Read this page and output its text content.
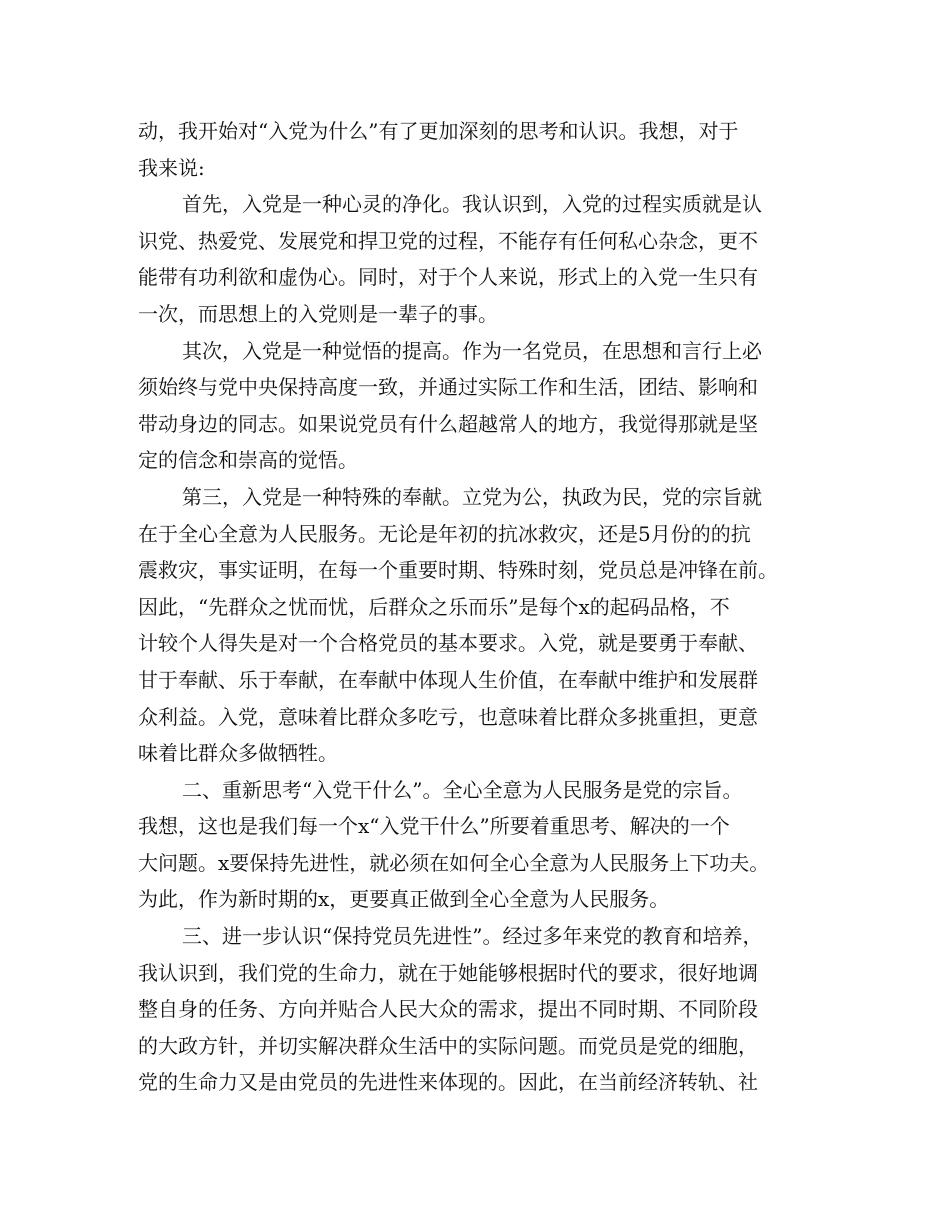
动，我开始对“入党为什么”有了更加深刻的思考和认识。我想，对于
我来说:
首先，入党是一种心灵的净化。我认识到，入党的过程实质就是认
识党、热爱党、发展党和捍卫党的过程，不能存有任何私心杂念，更不
能带有功利欲和虚伪心。同时，对于个人来说，形式上的入党一生只有
一次，而思想上的入党则是一辈子的事。
其次，入党是一种觉悟的提高。作为一名党员，在思想和言行上必
须始终与党中央保持高度一致，并通过实际工作和生活，团结、影响和
带动身边的同志。如果说党员有什么超越常人的地方，我觉得那就是坚
定的信念和崇高的觉悟。
第三，入党是一种特殊的奉献。立党为公，执政为民，党的宗旨就
在于全心全意为人民服务。无论是年初的抗冰救灾，还是5月份的的抗
震救灾，事实证明，在每一个重要时期、特殊时刻，党员总是冲锋在前。
因此，“先群众之忧而忧，后群众之乐而乐”是每个x的起码品格，不
计较个人得失是对一个合格党员的基本要求。入党，就是要勇于奉献、
甘于奉献、乐于奉献，在奉献中体现人生价值，在奉献中维护和发展群
众利益。入党，意味着比群众多吃亏，也意味着比群众多挑重担，更意
味着比群众多做牺牲。
二、重新思考“入党干什么”。全心全意为人民服务是党的宗旨。
我想，这也是我们每一个x“入党干什么”所要着重思考、解决的一个
大问题。x要保持先进性，就必须在如何全心全意为人民服务上下功夫。
为此，作为新时期的x，更要真正做到全心全意为人民服务。
三、进一步认识“保持党员先进性”。经过多年来党的教育和培养，
我认识到，我们党的生命力，就在于她能够根据时代的要求，很好地调
整自身的任务、方向并贴合人民大众的需求，提出不同时期、不同阶段
的大政方针，并切实解决群众生活中的实际问题。而党员是党的细胞，
党的生命力又是由党员的先进性来体现的。因此，在当前经济转轨、社
